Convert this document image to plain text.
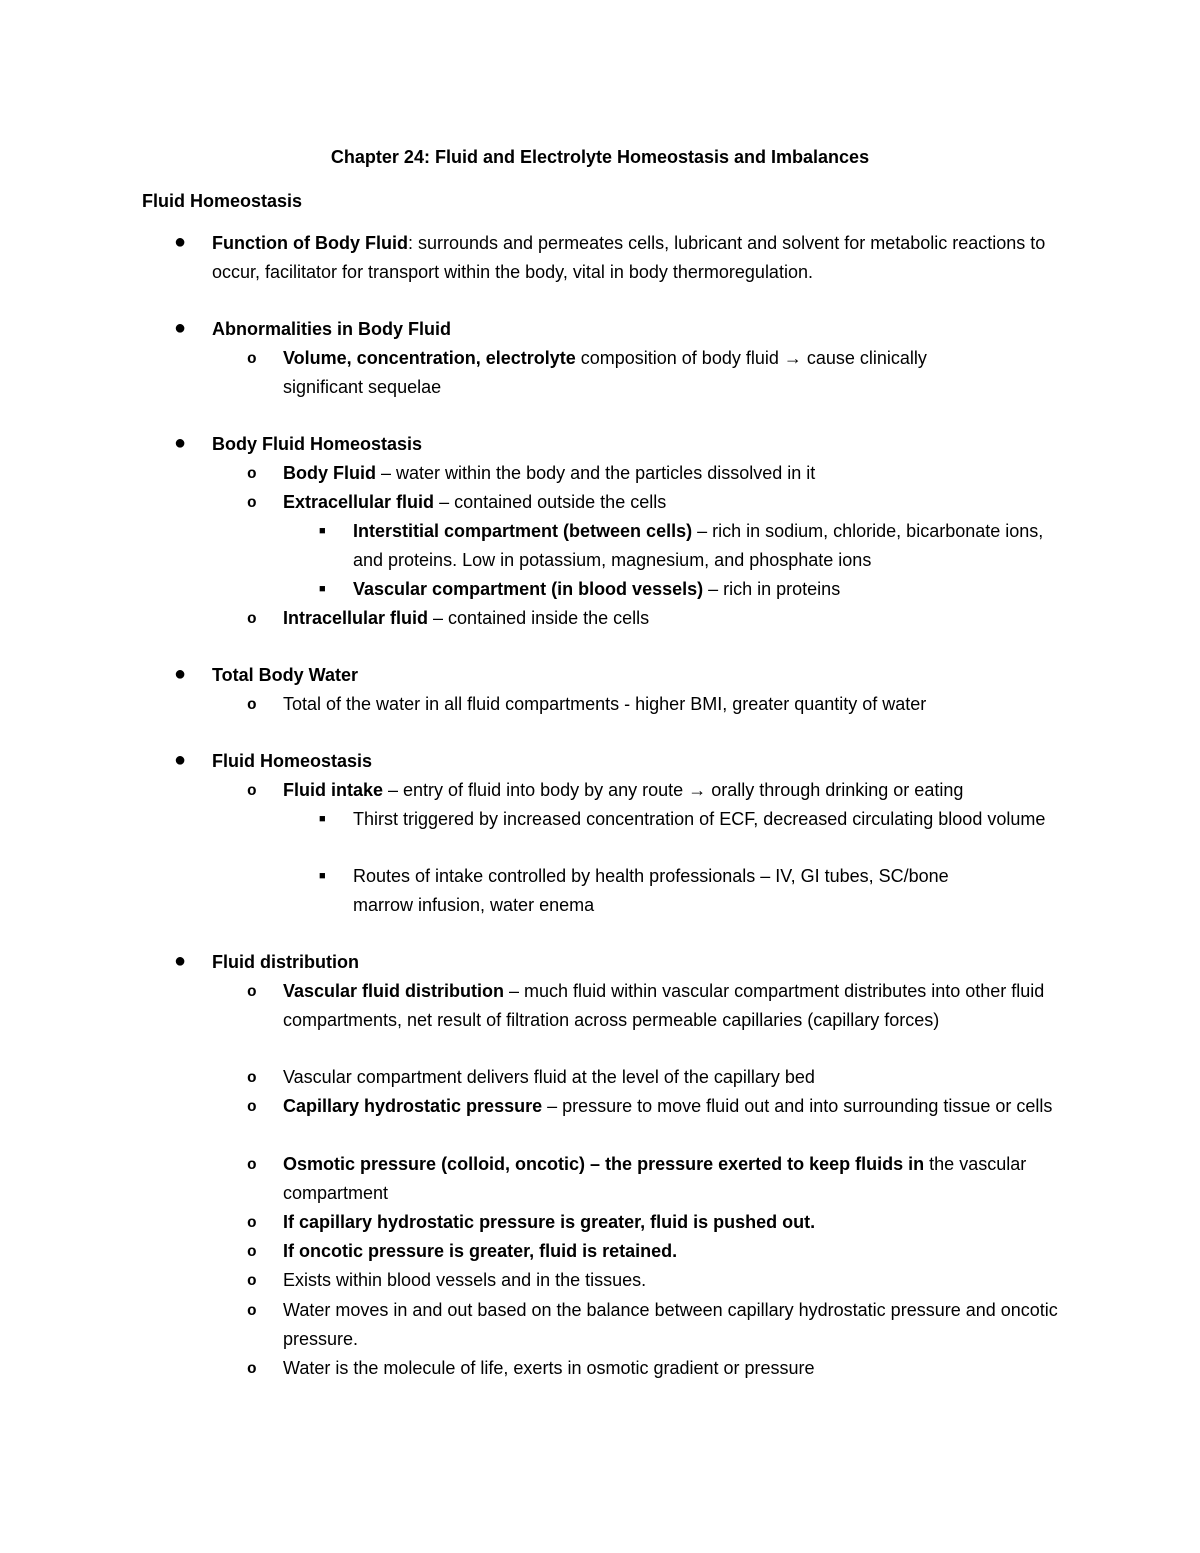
Chapter 24: Fluid and Electrolyte Homeostasis and Imbalances
Fluid Homeostasis
● Function of Body Fluid: surrounds and permeates cells, lubricant and solvent for metabolic reactions to occur, facilitator for transport within the body, vital in body thermoregulation.
● Abnormalities in Body Fluid
o Volume, concentration, electrolyte composition of body fluid → cause clinically significant sequelae
● Body Fluid Homeostasis
o Body Fluid – water within the body and the particles dissolved in it
o Extracellular fluid – contained outside the cells
■ Interstitial compartment (between cells) – rich in sodium, chloride, bicarbonate ions, and proteins. Low in potassium, magnesium, and phosphate ions
■ Vascular compartment (in blood vessels) – rich in proteins
o Intracellular fluid – contained inside the cells
● Total Body Water
o Total of the water in all fluid compartments - higher BMI, greater quantity of water
● Fluid Homeostasis
o Fluid intake – entry of fluid into body by any route → orally through drinking or eating
■ Thirst triggered by increased concentration of ECF, decreased circulating blood volume
■ Routes of intake controlled by health professionals – IV, GI tubes, SC/bone marrow infusion, water enema
● Fluid distribution
o Vascular fluid distribution – much fluid within vascular compartment distributes into other fluid compartments, net result of filtration across permeable capillaries (capillary forces)
o Vascular compartment delivers fluid at the level of the capillary bed
o Capillary hydrostatic pressure – pressure to move fluid out and into surrounding tissue or cells
o Osmotic pressure (colloid, oncotic) – the pressure exerted to keep fluids in the vascular compartment
o If capillary hydrostatic pressure is greater, fluid is pushed out.
o If oncotic pressure is greater, fluid is retained.
o Exists within blood vessels and in the tissues.
o Water moves in and out based on the balance between capillary hydrostatic pressure and oncotic pressure.
o Water is the molecule of life, exerts in osmotic gradient or pressure
